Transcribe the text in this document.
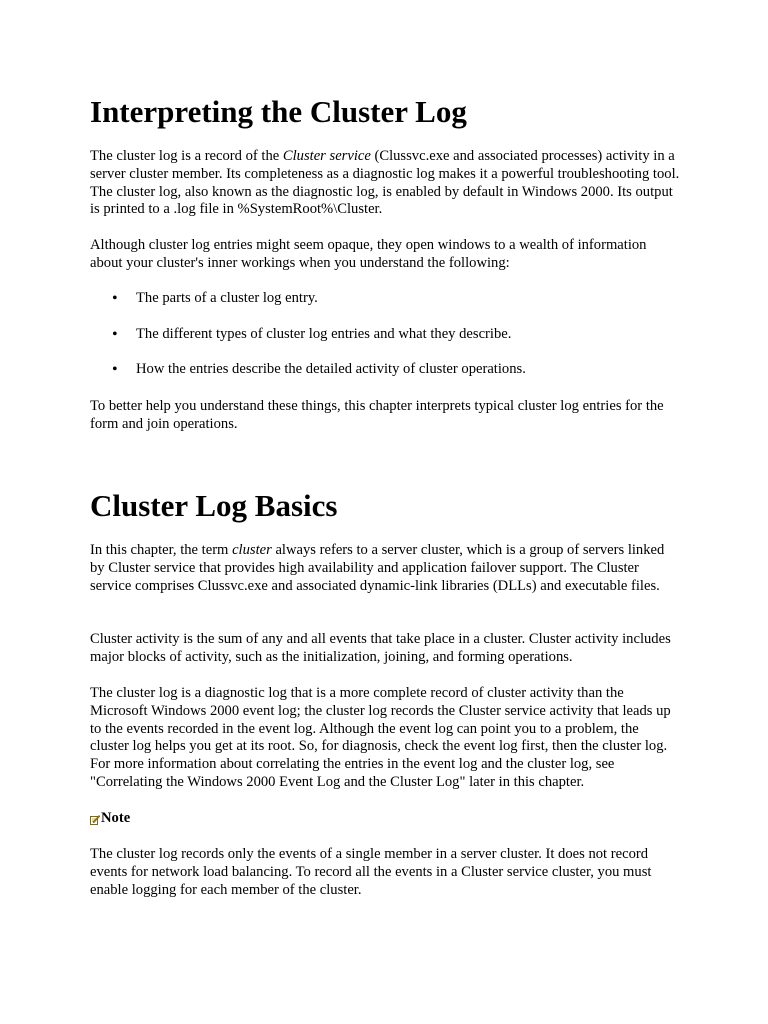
Interpreting the Cluster Log

The cluster log is a record of the Cluster service (Clussvc.exe and associated processes) activity in a server cluster member. Its completeness as a diagnostic log makes it a powerful troubleshooting tool. The cluster log, also known as the diagnostic log, is enabled by default in Windows 2000. Its output is printed to a .log file in %SystemRoot%\Cluster.

Although cluster log entries might seem opaque, they open windows to a wealth of information about your cluster's inner workings when you understand the following:

• The parts of a cluster log entry.
• The different types of cluster log entries and what they describe.
• How the entries describe the detailed activity of cluster operations.

To better help you understand these things, this chapter interprets typical cluster log entries for the form and join operations.

Cluster Log Basics

In this chapter, the term cluster always refers to a server cluster, which is a group of servers linked by Cluster service that provides high availability and application failover support. The Cluster service comprises Clussvc.exe and associated dynamic-link libraries (DLLs) and executable files.

Cluster activity is the sum of any and all events that take place in a cluster. Cluster activity includes major blocks of activity, such as the initialization, joining, and forming operations.

The cluster log is a diagnostic log that is a more complete record of cluster activity than the Microsoft Windows 2000 event log; the cluster log records the Cluster service activity that leads up to the events recorded in the event log. Although the event log can point you to a problem, the cluster log helps you get at its root. So, for diagnosis, check the event log first, then the cluster log. For more information about correlating the entries in the event log and the cluster log, see "Correlating the Windows 2000 Event Log and the Cluster Log" later in this chapter.

Note

The cluster log records only the events of a single member in a server cluster. It does not record events for network load balancing. To record all the events in a Cluster service cluster, you must enable logging for each member of the cluster.
